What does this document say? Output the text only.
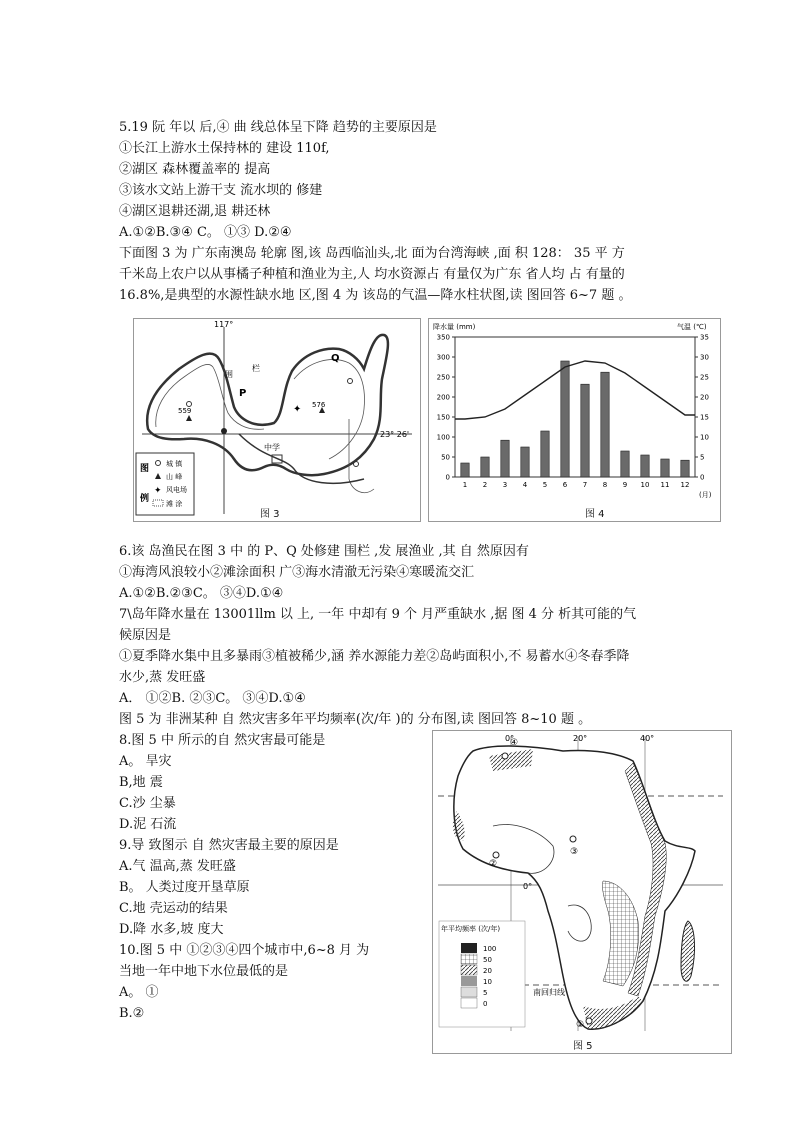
5.19 阮 年以 后,④ 曲 线总体呈下降 趋势的主要原因是
①长江上游水土保持林的 建设 110f,
②湖区 森林覆盖率的 提高
③该水文站上游干支 流水坝的 修建
④湖区退耕还湖,退 耕还林
A.①②B.③④ C。 ①③ D.②④
下面图 3 为 广东南澳岛 轮廓 图,该 岛西临汕头,北 面为台湾海峡 ,面 积 128： 35 平 方
千米岛上农户以从事橘子种植和渔业为主,人 均水资源占 有量仅为广东 省人均 占 有量的
16.8%,是典型的水源性缺水地 区,图 4 为 该岛的气温—降水柱状图,读 图回答 6~7 题 。
117°
23° 26'
围
栏
P
Q
559
576
✦
中学
图
例
城 镇
山 峰
✦ 风电场
滩 涂
图 3
降水量 (mm)	气温 (℃)
0
50
100
150
200
250
300
350
0
5
10
15
20
25
30
35
1 2 3 4 5 6 7 8 9 10 11 12
(月)
图 4
6.该 岛渔民在图 3 中 的 P、Q 处修建 围栏 ,发 展渔业 ,其 自 然原因有
①海湾风浪较小②滩涂面积 广③海水清澈无污染④寒暖流交汇
A.①②B.②③C。 ③④D.①④
7\岛年降水量在 13001llm 以 上, 一年 中却有 9 个 月严重缺水 ,据 图 4 分 析其可能的气
候原因是
①夏季降水集中且多暴雨③植被稀少,涵 养水源能力差②岛屿面积小,不 易蓄水④冬春季降
水少,蒸 发旺盛
A． ①②B. ②③C。 ③④D.①④
图 5 为 非洲某种 自 然灾害多年平均频率(次/年 )的 分布图,读 图回答 8~10 题 。
8.图 5 中 所示的自 然灾害最可能是
A。 旱灾
B,地 震
C.沙 尘暴
D.泥 石流
9.导 致图示 自 然灾害最主要的原因是
A.气 温高,蒸 发旺盛
B。 人类过度开垦草原
C.地 壳运动的结果
D.降 水多,坡 度大
10.图 5 中 ①②③④四个城市中,6~8 月 为
当地一年中地下水位最低的是
A。 ①
B.②
0°	20°	40°
0°
南回归线
④
②
③
①
年平均频率 (次/年)
100
50
20
10
5
0
图 5
